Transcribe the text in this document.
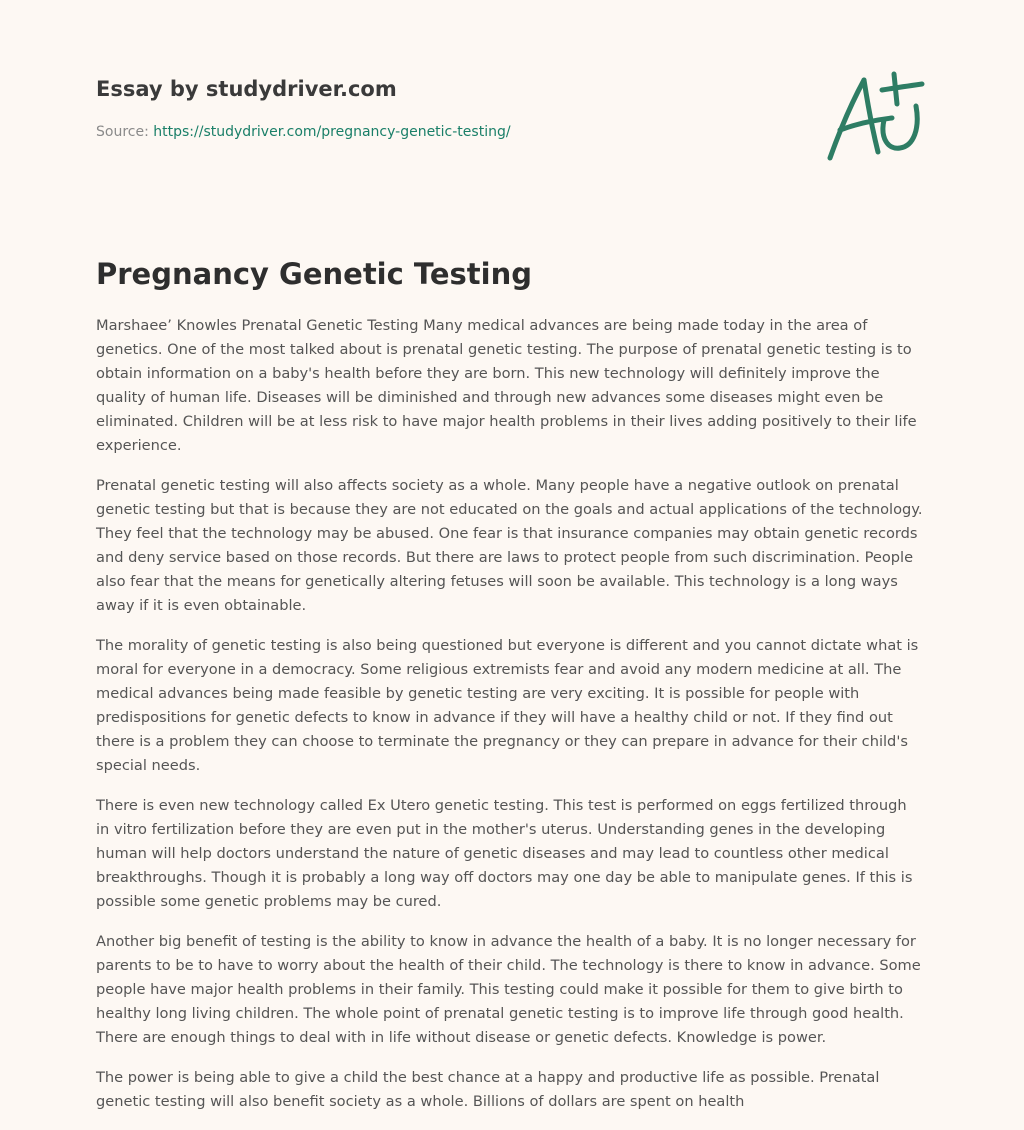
Essay by studydriver.com
Source: https://studydriver.com/pregnancy-genetic-testing/
Pregnancy Genetic Testing

Marshaee’ Knowles Prenatal Genetic Testing Many medical advances are being made today in the area of genetics. One of the most talked about is prenatal genetic testing. The purpose of prenatal genetic testing is to obtain information on a baby's health before they are born. This new technology will definitely improve the quality of human life. Diseases will be diminished and through new advances some diseases might even be eliminated. Children will be at less risk to have major health problems in their lives adding positively to their life experience.

Prenatal genetic testing will also affects society as a whole. Many people have a negative outlook on prenatal genetic testing but that is because they are not educated on the goals and actual applications of the technology. They feel that the technology may be abused. One fear is that insurance companies may obtain genetic records and deny service based on those records. But there are laws to protect people from such discrimination. People also fear that the means for genetically altering fetuses will soon be available. This technology is a long ways away if it is even obtainable.

The morality of genetic testing is also being questioned but everyone is different and you cannot dictate what is moral for everyone in a democracy. Some religious extremists fear and avoid any modern medicine at all. The medical advances being made feasible by genetic testing are very exciting. It is possible for people with predispositions for genetic defects to know in advance if they will have a healthy child or not. If they find out there is a problem they can choose to terminate the pregnancy or they can prepare in advance for their child's special needs.

There is even new technology called Ex Utero genetic testing. This test is performed on eggs fertilized through in vitro fertilization before they are even put in the mother's uterus. Understanding genes in the developing human will help doctors understand the nature of genetic diseases and may lead to countless other medical breakthroughs. Though it is probably a long way off doctors may one day be able to manipulate genes. If this is possible some genetic problems may be cured.

Another big benefit of testing is the ability to know in advance the health of a baby. It is no longer necessary for parents to be to have to worry about the health of their child. The technology is there to know in advance. Some people have major health problems in their family. This testing could make it possible for them to give birth to healthy long living children. The whole point of prenatal genetic testing is to improve life through good health. There are enough things to deal with in life without disease or genetic defects. Knowledge is power.

The power is being able to give a child the best chance at a happy and productive life as possible. Prenatal genetic testing will also benefit society as a whole. Billions of dollars are spent on health
